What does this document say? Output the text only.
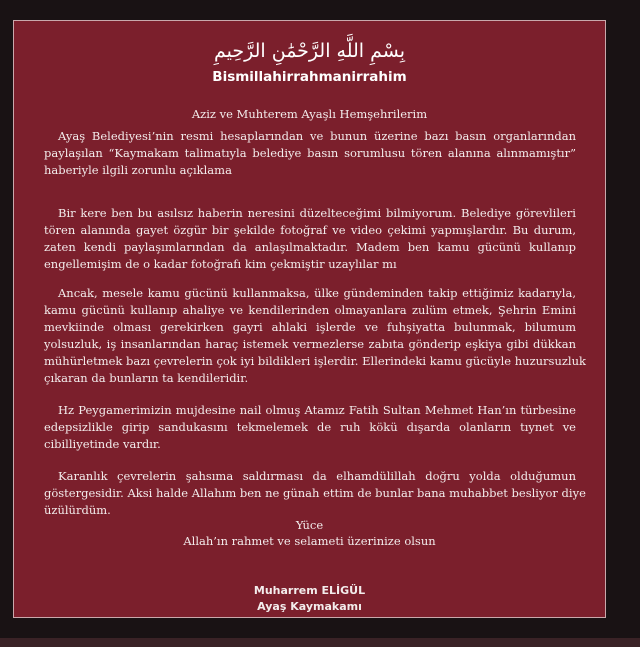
بِسْمِ اللَّهِ الرَّحْمَٰنِ الرَّحِيمِ
Bismillahirrahmanirrahim
Aziz ve Muhterem Ayaşlı Hemşehrilerim
Ayaş Belediyesi’nin resmi hesaplarından ve bunun üzerine bazı basın organlarından
paylaşılan “Kaymakam talimatıyla belediye basın sorumlusu tören alanına alınmamıştır”
haberiyle ilgili zorunlu açıklama
Bir kere ben bu asılsız haberin neresini düzelteceğimi bilmiyorum. Belediye görevlileri
tören alanında gayet özgür bir şekilde fotoğraf ve video çekimi yapmışlardır. Bu durum,
zaten kendi paylaşımlarından da anlaşılmaktadır. Madem ben kamu gücünü kullanıp
engellemişim de o kadar fotoğrafı kim çekmiştir uzaylılar mı
Ancak, mesele kamu gücünü kullanmaksa, ülke gündeminden takip ettiğimiz kadarıyla,
kamu gücünü kullanıp ahaliye ve kendilerinden olmayanlara zulüm etmek, Şehrin Emini
mevkiinde olması gerekirken gayri ahlaki işlerde ve fuhşiyatta bulunmak, bilumum
yolsuzluk, iş insanlarından haraç istemek vermezlerse zabıta gönderip eşkiya gibi dükkan
mühürletmek bazı çevrelerin çok iyi bildikleri işlerdir. Ellerindeki kamu gücüyle huzursuzluk
çıkaran da bunların ta kendileridir.
Hz Peygamerimizin mujdesine nail olmuş Atamız Fatih Sultan Mehmet Han’ın türbesine
edepsizlikle girip sandukasını tekmelemek de ruh kökü dışarda olanların tıynet ve
cibilliyetinde vardır.
Karanlık çevrelerin şahsıma saldırması da elhamdülillah doğru yolda olduğumun
göstergesidir. Aksi halde Allahım ben ne günah ettim de bunlar bana muhabbet besliyor diye
üzülürdüm.
Yüce
Allah’ın rahmet ve selameti üzerinize olsun
Muharrem ELİGÜL
Ayaş Kaymakamı
